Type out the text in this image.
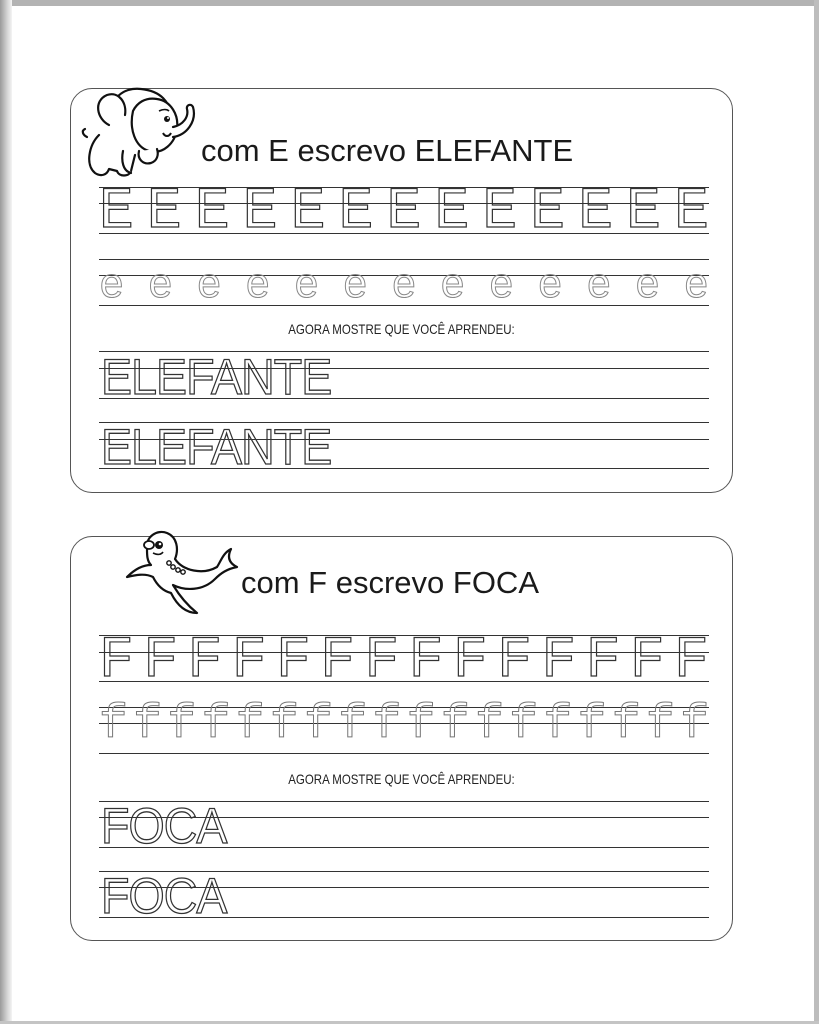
com E escrevo ELEFANTE
E E E E E E E E E E E E E
e e e e e e e e e e e e e

AGORA MOSTRE QUE VOCÊ APRENDEU:

ELEFANTE

ELEFANTE

com F escrevo FOCA
F F F F F F F F F F F F F F
f f f f f f f f f f f f f f f f f f

AGORA MOSTRE QUE VOCÊ APRENDEU:

FOCA

FOCA
